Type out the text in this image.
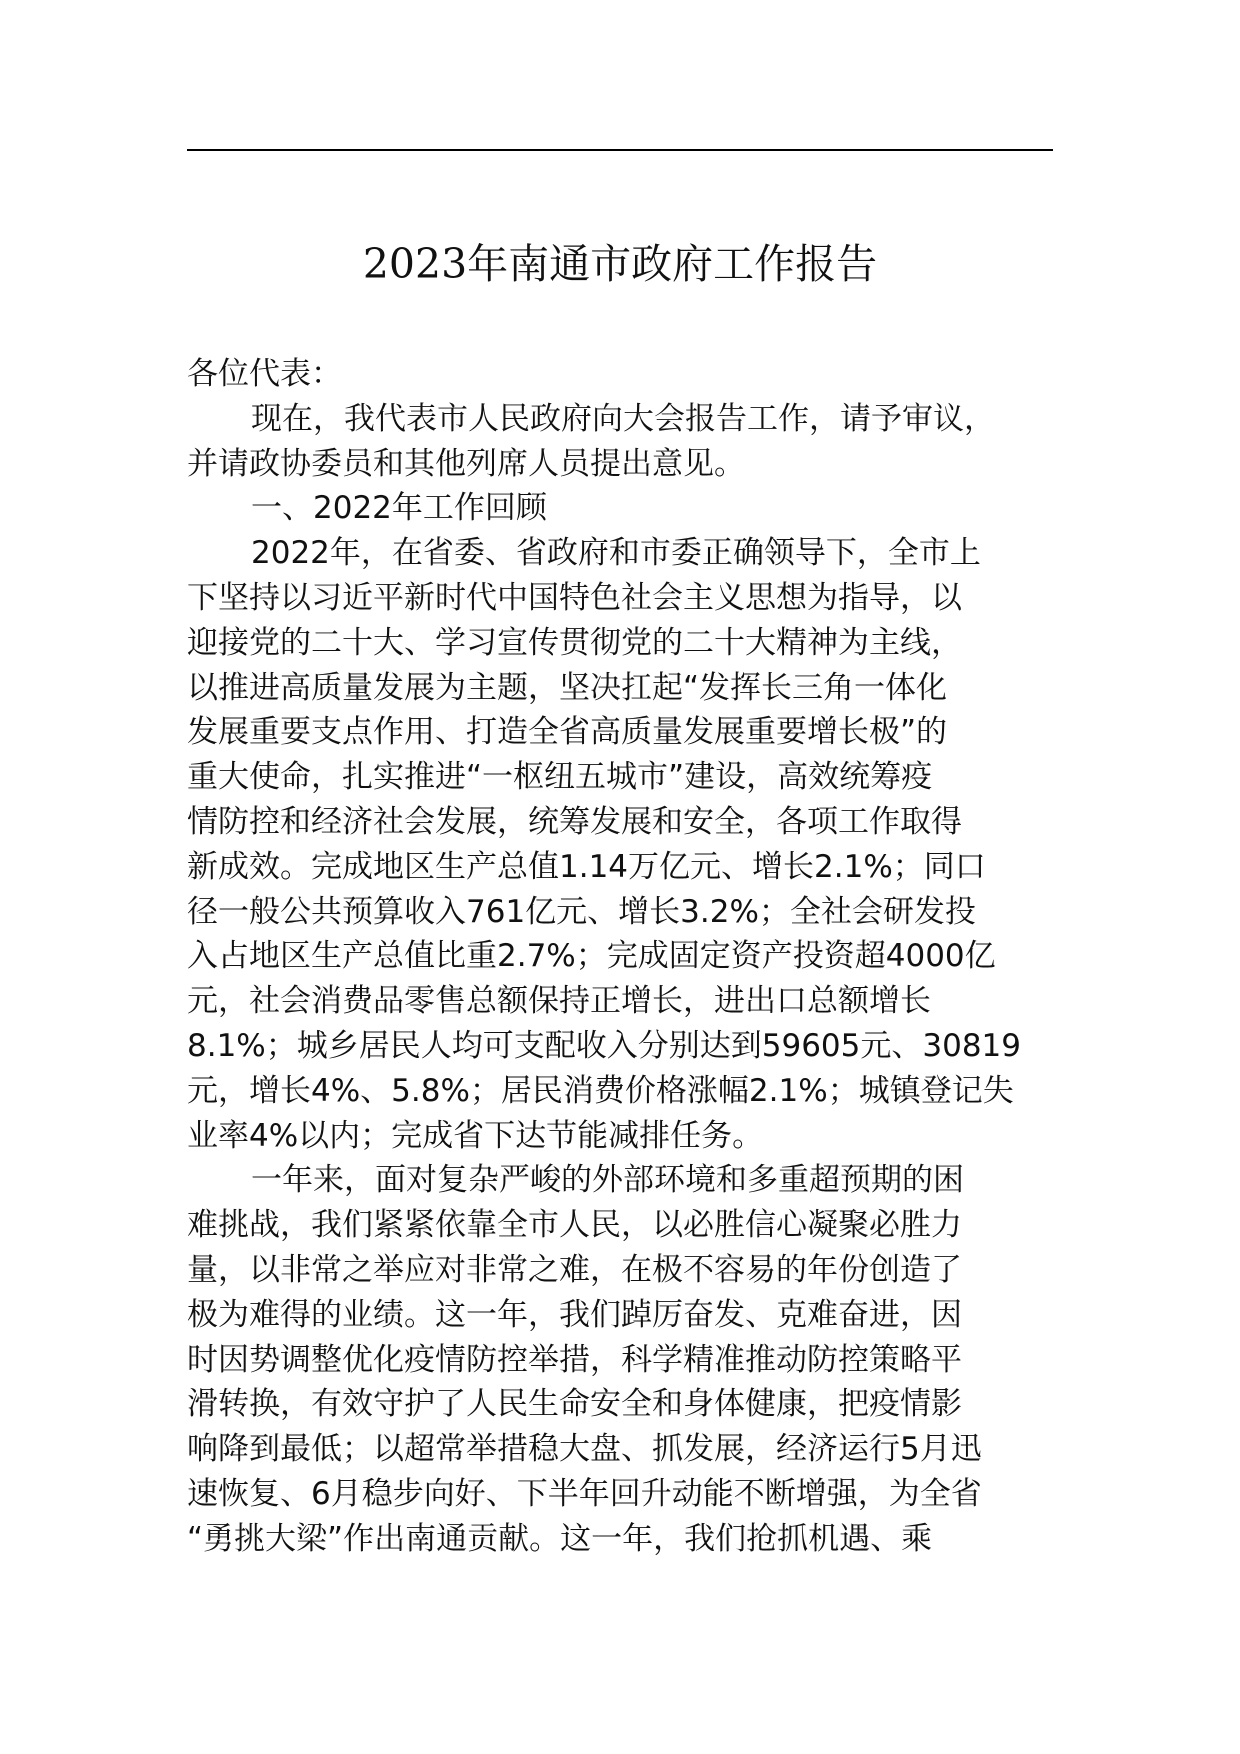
2023年南通市政府工作报告
各位代表：
现在，我代表市人民政府向大会报告工作，请予审议，
并请政协委员和其他列席人员提出意见。
一、2022年工作回顾
2022年，在省委、省政府和市委正确领导下，全市上
下坚持以习近平新时代中国特色社会主义思想为指导，以
迎接党的二十大、学习宣传贯彻党的二十大精神为主线，
以推进高质量发展为主题，坚决扛起“发挥长三角一体化
发展重要支点作用、打造全省高质量发展重要增长极”的
重大使命，扎实推进“一枢纽五城市”建设，高效统筹疫
情防控和经济社会发展，统筹发展和安全，各项工作取得
新成效。完成地区生产总值1.14万亿元、增长2.1%；同口
径一般公共预算收入761亿元、增长3.2%；全社会研发投
入占地区生产总值比重2.7%；完成固定资产投资超4000亿
元，社会消费品零售总额保持正增长，进出口总额增长
8.1%；城乡居民人均可支配收入分别达到59605元、30819
元，增长4%、5.8%；居民消费价格涨幅2.1%；城镇登记失
业率4%以内；完成省下达节能减排任务。
一年来，面对复杂严峻的外部环境和多重超预期的困
难挑战，我们紧紧依靠全市人民，以必胜信心凝聚必胜力
量，以非常之举应对非常之难，在极不容易的年份创造了
极为难得的业绩。这一年，我们踔厉奋发、克难奋进，因
时因势调整优化疫情防控举措，科学精准推动防控策略平
滑转换，有效守护了人民生命安全和身体健康，把疫情影
响降到最低；以超常举措稳大盘、抓发展，经济运行5月迅
速恢复、6月稳步向好、下半年回升动能不断增强，为全省
“勇挑大梁”作出南通贡献。这一年，我们抢抓机遇、乘
